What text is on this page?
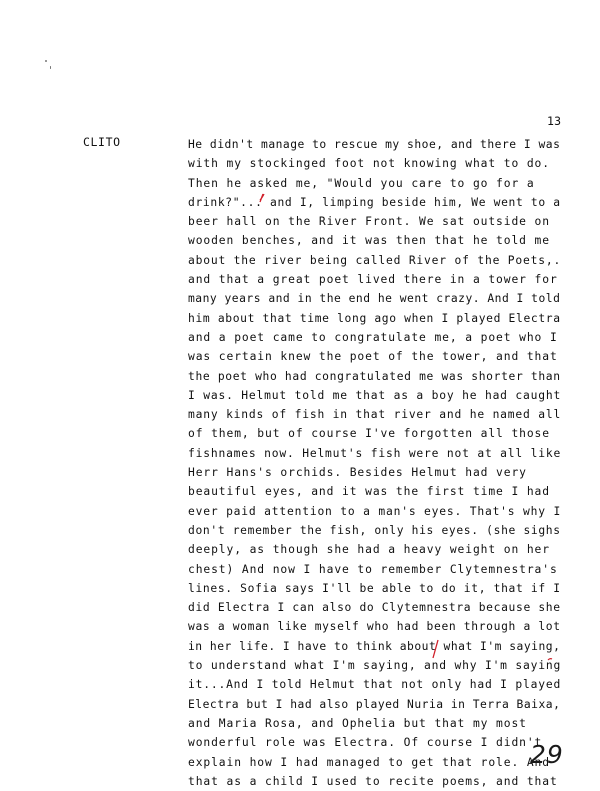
13
CLITO	He didn't manage to rescue my shoe, and there I was
with my stockinged foot not knowing what to do.
Then he asked me, "Would you care to go for a
drink?"... and I, limping beside him, We went to a
beer hall on the River Front. We sat outside on
wooden benches, and it was then that he told me
about the river being called River of the Poets,.
and that a great poet lived there in a tower for
many years and in the end he went crazy. And I told
him about that time long ago when I played Electra
and a poet came to congratulate me, a poet who I
was certain knew the poet of the tower, and that
the poet who had congratulated me was shorter than
I was. Helmut told me that as a boy he had caught
many kinds of fish in that river and he named all
of them, but of course I've forgotten all those
fishnames now. Helmut's fish were not at all like
Herr Hans's orchids. Besides Helmut had very
beautiful eyes, and it was the first time I had
ever paid attention to a man's eyes. That's why I
don't remember the fish, only his eyes. (she sighs
deeply, as though she had a heavy weight on her
chest) And now I have to remember Clytemnestra's
lines. Sofia says I'll be able to do it, that if I
did Electra I can also do Clytemnestra because she
was a woman like myself who had been through a lot
in her life. I have to think about what I'm saying,
to understand what I'm saying, and why I'm saying
it...And I told Helmut that not only had I played
Electra but I had also played Nuria in Terra Baixa,
and Maria Rosa, and Ophelia but that my most
wonderful role was Electra. Of course I didn't
explain how I had managed to get that role. And
that as a child I used to recite poems, and that
29
